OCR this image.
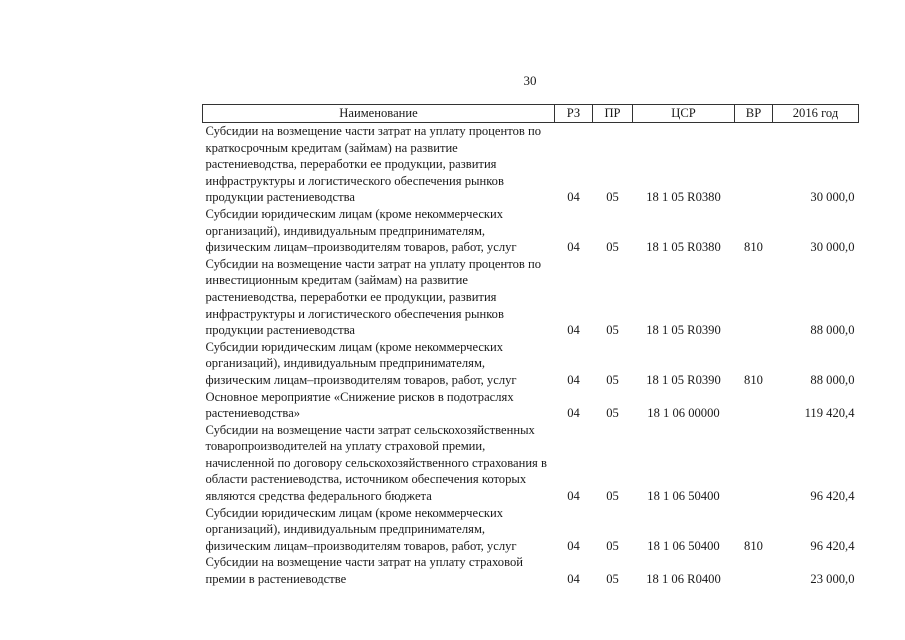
30
Наименование	РЗ	ПР	ЦСР	ВР	2016 год
Субсидии на возмещение части затрат на уплату процентов по краткосрочным кредитам (займам) на развитие растениеводства, переработки ее продукции, развития инфраструктуры и логистического обеспечения рынков продукции растениеводства	04	05	18 1 05 R0380		30 000,0
Субсидии юридическим лицам (кроме некоммерческих организаций), индивидуальным предпринимателям, физическим лицам–производителям товаров, работ, услуг	04	05	18 1 05 R0380	810	30 000,0
Субсидии на возмещение части затрат на уплату процентов по инвестиционным кредитам (займам) на развитие растениеводства, переработки ее продукции, развития инфраструктуры и логистического обеспечения рынков продукции растениеводства	04	05	18 1 05 R0390		88 000,0
Субсидии юридическим лицам (кроме некоммерческих организаций), индивидуальным предпринимателям, физическим лицам–производителям товаров, работ, услуг	04	05	18 1 05 R0390	810	88 000,0
Основное мероприятие «Снижение рисков в подотраслях растениеводства»	04	05	18 1 06 00000		119 420,4
Субсидии на возмещение части затрат сельскохозяйственных товаропроизводителей на уплату страховой премии, начисленной по договору сельскохозяйственного страхования в области растениеводства, источником обеспечения которых являются средства федерального бюджета	04	05	18 1 06 50400		96 420,4
Субсидии юридическим лицам (кроме некоммерческих организаций), индивидуальным предпринимателям, физическим лицам–производителям товаров, работ, услуг	04	05	18 1 06 50400	810	96 420,4
Субсидии на возмещение части затрат на уплату страховой премии в растениеводстве	04	05	18 1 06 R0400		23 000,0
